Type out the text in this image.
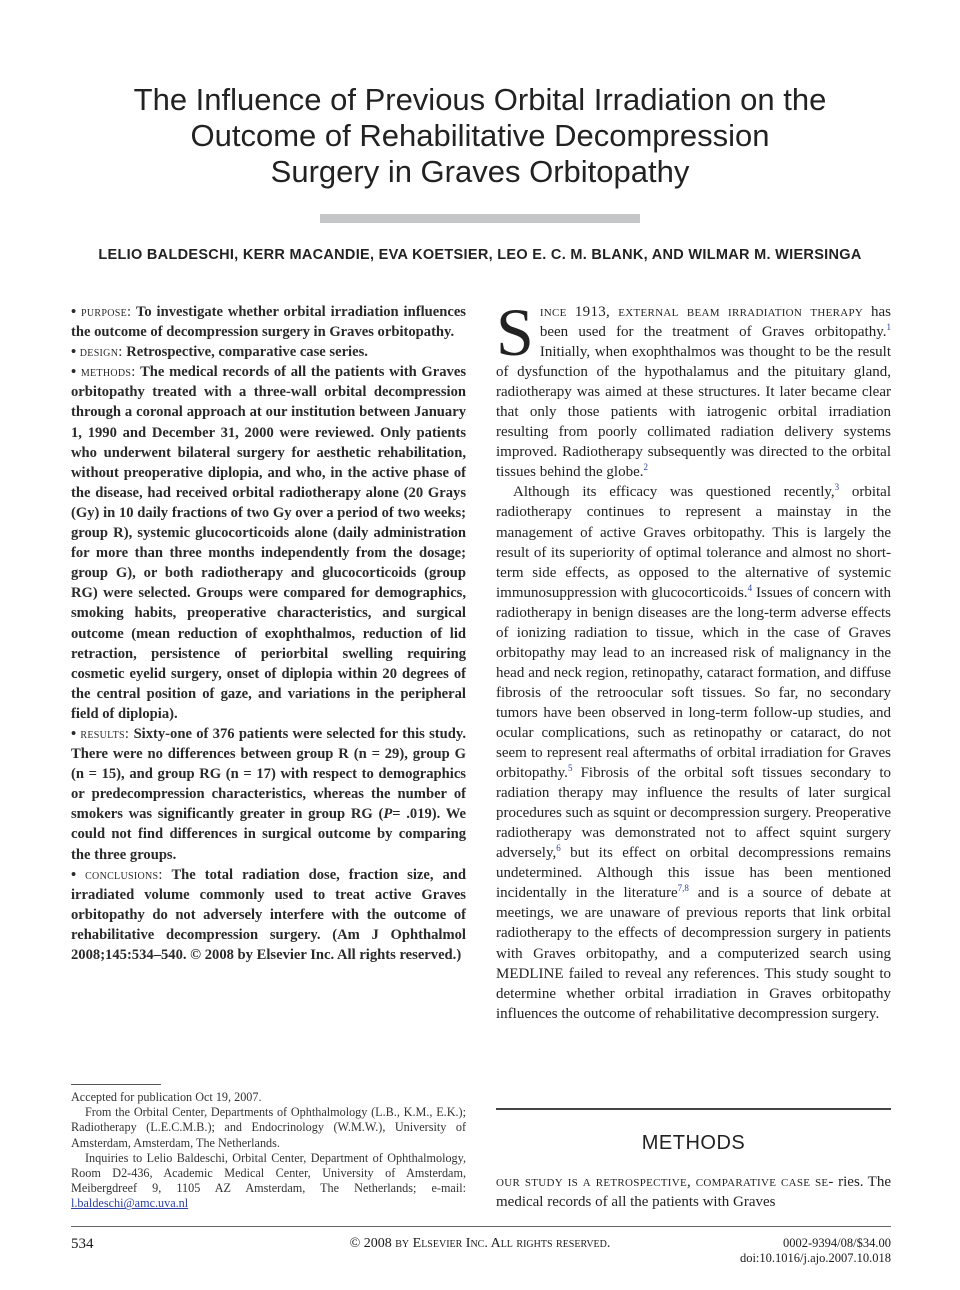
The Influence of Previous Orbital Irradiation on the
Outcome of Rehabilitative Decompression
Surgery in Graves Orbitopathy
LELIO BALDESCHI, KERR MACANDIE, EVA KOETSIER, LEO E. C. M. BLANK, AND WILMAR M. WIERSINGA

• purpose: To investigate whether orbital irradiation influences the outcome of decompression surgery in Graves orbitopathy.

• design: Retrospective, comparative case series.

• methods: The medical records of all the patients with Graves orbitopathy treated with a three-wall orbital decompression through a coronal approach at our institution between January 1, 1990 and December 31, 2000 were reviewed. Only patients who underwent bilateral surgery for aesthetic rehabilitation, without preoperative diplopia, and who, in the active phase of the disease, had received orbital radiotherapy alone (20 Grays (Gy) in 10 daily fractions of two Gy over a period of two weeks; group R), systemic glucocorticoids alone (daily administration for more than three months independently from the dosage; group G), or both radiotherapy and glucocorticoids (group RG) were selected. Groups were compared for demographics, smoking habits, preoperative characteristics, and surgical outcome (mean reduction of exophthalmos, reduction of lid retraction, persistence of periorbital swelling requiring cosmetic eyelid surgery, onset of diplopia within 20 degrees of the central position of gaze, and variations in the peripheral field of diplopia).

• results: Sixty-one of 376 patients were selected for this study. There were no differences between group R (n = 29), group G (n = 15), and group RG (n = 17) with respect to demographics or predecompression characteristics, whereas the number of smokers was significantly greater in group RG (P= .019). We could not find differences in surgical outcome by comparing the three groups.

• conclusions: The total radiation dose, fraction size, and irradiated volume commonly used to treat active Graves orbitopathy do not adversely interfere with the outcome of rehabilitative decompression surgery. (Am J Ophthalmol 2008;145:534–540. © 2008 by Elsevier Inc. All rights reserved.)

Accepted for publication Oct 19, 2007.

From the Orbital Center, Departments of Ophthalmology (L.B., K.M., E.K.); Radiotherapy (L.E.C.M.B.); and Endocrinology (W.M.W.), University of Amsterdam, Amsterdam, The Netherlands.

Inquiries to Lelio Baldeschi, Orbital Center, Department of Ophthalmology, Room D2-436, Academic Medical Center, University of Amsterdam, Meibergdreef 9, 1105 AZ Amsterdam, The Netherlands; e-mail: l.baldeschi@amc.uva.nl

Since 1913, external beam irradiation therapy has been used for the treatment of Graves orbitopathy.$^1$ Initially, when exophthalmos was thought to be the result of dysfunction of the hypothalamus and the pituitary gland, radiotherapy was aimed at these structures. It later became clear that only those patients with iatrogenic orbital irradiation resulting from poorly collimated radiation delivery systems improved. Radiotherapy subsequently was directed to the orbital tissues behind the globe.$^2$

Although its efficacy was questioned recently,$^3$ orbital radiotherapy continues to represent a mainstay in the management of active Graves orbitopathy. This is largely the result of its superiority of optimal tolerance and almost no short-term side effects, as opposed to the alternative of systemic immunosuppression with glucocorticoids.$^4$ Issues of concern with radiotherapy in benign diseases are the long-term adverse effects of ionizing radiation to tissue, which in the case of Graves orbitopathy may lead to an increased risk of malignancy in the head and neck region, retinopathy, cataract formation, and diffuse fibrosis of the retroocular soft tissues. So far, no secondary tumors have been observed in long-term follow-up studies, and ocular complications, such as retinopathy or cataract, do not seem to represent real aftermaths of orbital irradiation for Graves orbitopathy.$^5$ Fibrosis of the orbital soft tissues secondary to radiation therapy may influence the results of later surgical procedures such as squint or decompression surgery. Preoperative radiotherapy was demonstrated not to affect squint surgery adversely,$^6$ but its effect on orbital decompressions remains undetermined. Although this issue has been mentioned incidentally in the literature$^{7,8}$ and is a source of debate at meetings, we are unaware of previous reports that link orbital radiotherapy to the effects of decompression surgery in patients with Graves orbitopathy, and a computerized search using MEDLINE failed to reveal any references. This study sought to determine whether orbital irradiation in Graves orbitopathy influences the outcome of rehabilitative decompression surgery.

METHODS

our study is a retrospective, comparative case se- ries. The medical records of all the patients with Graves

534	© 2008 by Elsevier Inc. All rights reserved.	0002-9394/08/$34.00
doi:10.1016/j.ajo.2007.10.018
